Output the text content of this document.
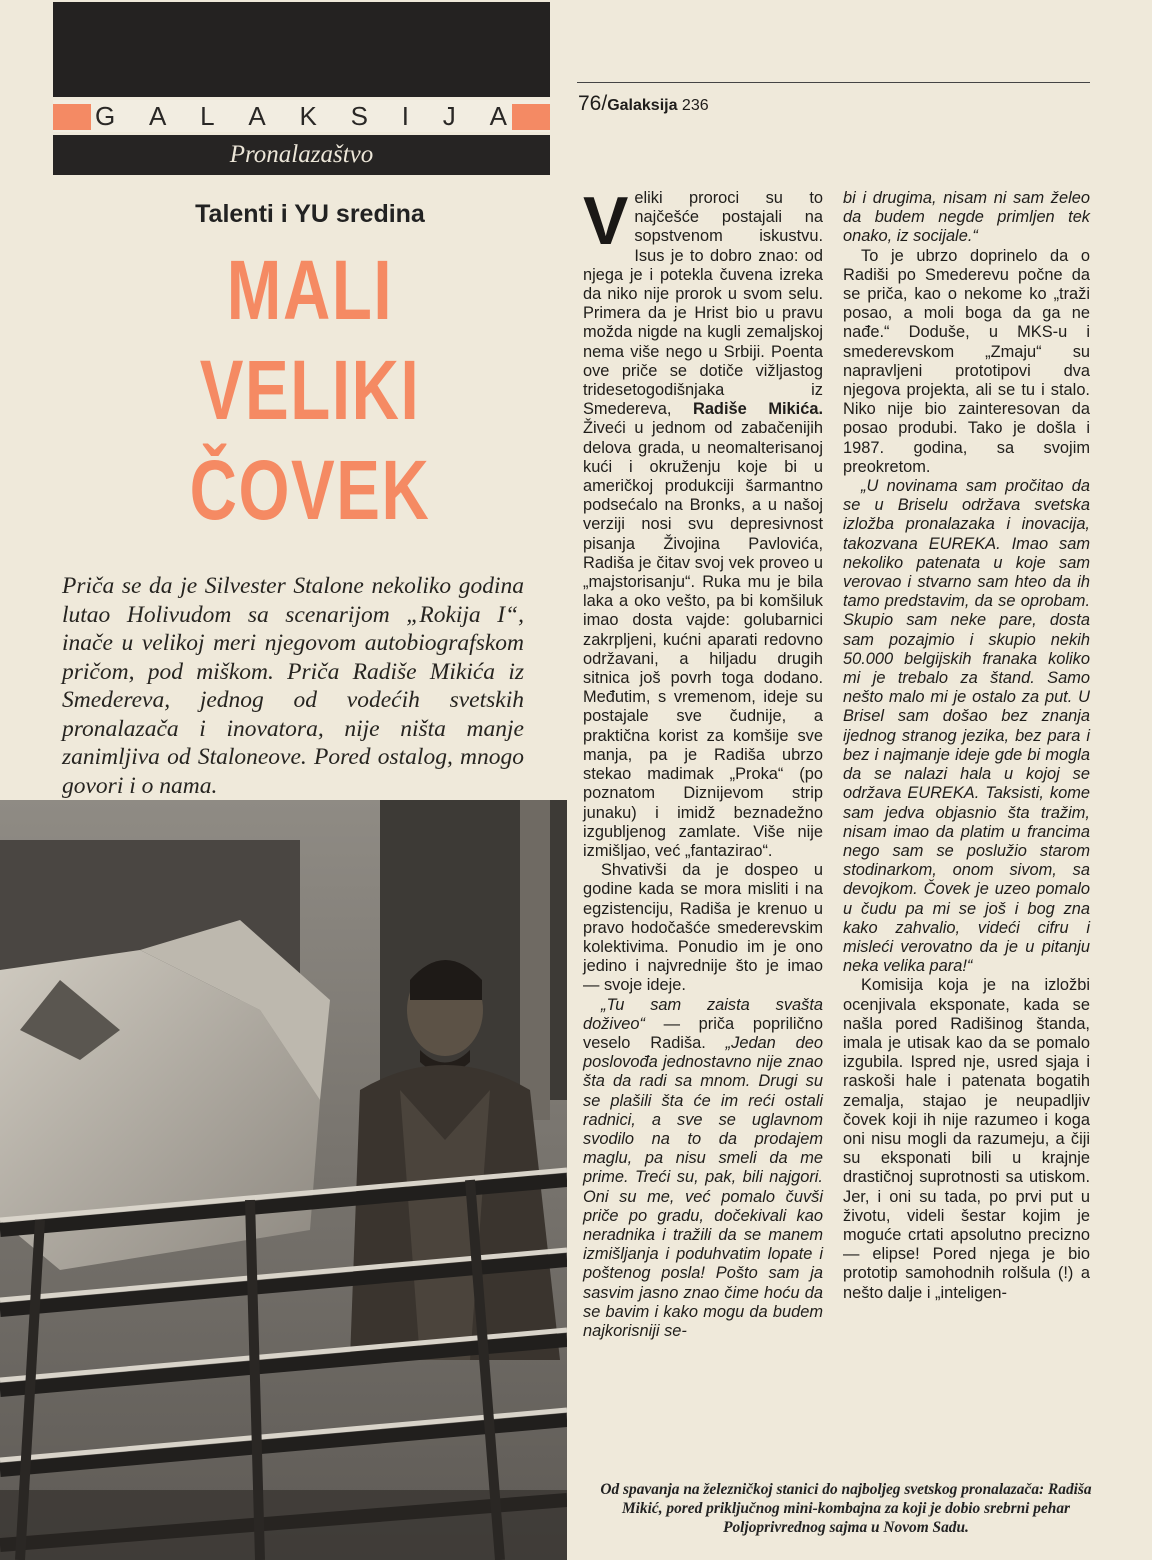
G A L A K S I J A
Pronalazaštvo
76/Galaksija 236
Talenti i YU sredina
MALI
VELIKI
ČOVEK
Priča se da je Silvester Stalone nekoliko godina lutao Holivudom sa scenarijom „Rokija I“, inače u velikoj meri njegovom autobiografskom pričom, pod miškom. Priča Radiše Mikića iz Smedereva, jednog od vodećih svetskih pronalazača i inovatora, nije ništa manje zanimljiva od Staloneove. Pored ostalog, mnogo govori i o nama.

Veliki proroci su to najčešće postajali na sopstvenom iskustvu. Isus je to dobro znao: od njega je i potekla čuvena izreka da niko nije prorok u svom selu. Primera da je Hrist bio u pravu možda nigde na kugli zemaljskoj nema više nego u Srbiji. Poenta ove priče se dotiče vižljastog tridesetogodišnjaka iz Smedereva, Radiše Mikića. Živeći u jednom od zabačenijih delova grada, u neomalterisanoj kući i okruženju koje bi u američkoj produkciji šarmantno podsećalo na Bronks, a u našoj verziji nosi svu depresivnost pisanja Živojina Pavlovića, Radiša je čitav svoj vek proveo u „majstorisanju“. Ruka mu je bila laka a oko vešto, pa bi komšiluk imao dosta vajde: golubarnici zakrpljeni, kućni aparati redovno održavani, a hiljadu drugih sitnica još povrh toga dodano. Međutim, s vremenom, ideje su postajale sve čudnije, a praktična korist za komšije sve manja, pa je Radiša ubrzo stekao madimak „Proka“ (po poznatom Diznijevom strip junaku) i imidž beznadežno izgubljenog zamlate. Više nije izmišljao, već „fantazirao“.

Shvativši da je dospeo u godine kada se mora misliti i na egzistenciju, Radiša je krenuo u pravo hodočašće smederevskim kolektivima. Ponudio im je ono jedino i najvrednije što je imao — svoje ideje.

„Tu sam zaista svašta doživeo“ — priča poprilično veselo Radiša. „Jedan deo poslovođa jednostavno nije znao šta da radi sa mnom. Drugi su se plašili šta će im reći ostali radnici, a sve se uglavnom svodilo na to da prodajem maglu, pa nisu smeli da me prime. Treći su, pak, bili najgori. Oni su me, već pomalo čuvši priče po gradu, dočekivali kao neradnika i tražili da se manem izmišljanja i poduhvatim lopate i poštenog posla! Pošto sam ja sasvim jasno znao čime hoću da se bavim i kako mogu da budem najkorisniji se-

bi i drugima, nisam ni sam želeo da budem negde primljen tek onako, iz socijale.“

To je ubrzo doprinelo da o Radiši po Smederevu počne da se priča, kao o nekome ko „traži posao, a moli boga da ga ne nađe.“ Doduše, u MKS-u i smederevskom „Zmaju“ su napravljeni prototipovi dva njegova projekta, ali se tu i stalo. Niko nije bio zainteresovan da posao produbi. Tako je došla i 1987. godina, sa svojim preokretom.

„U novinama sam pročitao da se u Briselu održava svetska izložba pronalazaka i inovacija, takozvana EUREKA. Imao sam nekoliko patenata u koje sam verovao i stvarno sam hteo da ih tamo predstavim, da se oprobam. Skupio sam neke pare, dosta sam pozajmio i skupio nekih 50.000 belgijskih franaka koliko mi je trebalo za štand. Samo nešto malo mi je ostalo za put. U Brisel sam došao bez znanja ijednog stranog jezika, bez para i bez i najmanje ideje gde bi mogla da se nalazi hala u kojoj se održava EUREKA. Taksisti, kome sam jedva objasnio šta tražim, nisam imao da platim u francima nego sam se poslužio starom stodinarkom, onom sivom, sa devojkom. Čovek je uzeo pomalo u čudu pa mi se još i bog zna kako zahvalio, videći cifru i misleći verovatno da je u pitanju neka velika para!“

Komisija koja je na izložbi ocenjivala eksponate, kada se našla pored Radišinog štanda, imala je utisak kao da se pomalo izgubila. Ispred nje, usred sjaja i raskoši hale i patenata bogatih zemalja, stajao je neupadljiv čovek koji ih nije razumeo i koga oni nisu mogli da razumeju, a čiji su eksponati bili u krajnje drastičnoj suprotnosti sa utiskom. Jer, i oni su tada, po prvi put u životu, videli šestar kojim je moguće crtati apsolutno precizno — elipse! Pored njega je bio prototip samohodnih rolšula (!) a nešto dalje i „inteligen-

Od spavanja na železničkoj stanici do najboljeg svetskog pronalazača: Radiša Mikić, pored priključnog mini-kombajna za koji je dobio srebrni pehar Poljoprivrednog sajma u Novom Sadu.
